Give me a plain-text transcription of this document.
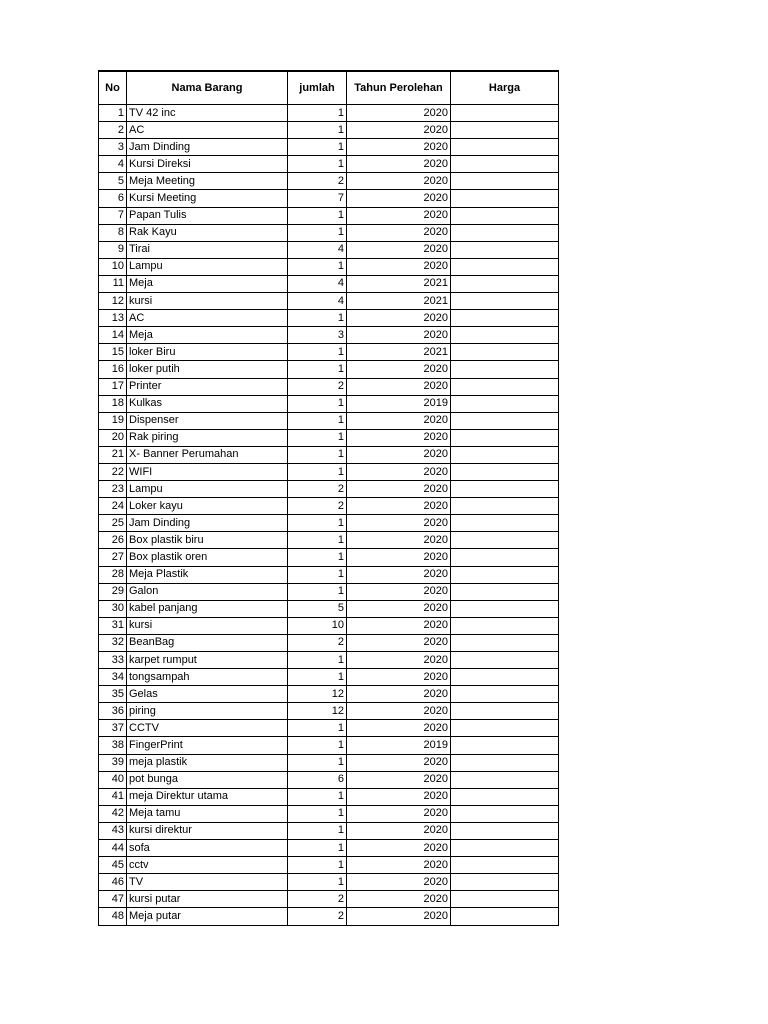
No	Nama Barang	jumlah	Tahun Perolehan	Harga
1	TV 42 inc	1	2020	
2	AC	1	2020	
3	Jam Dinding	1	2020	
4	Kursi Direksi	1	2020	
5	Meja Meeting	2	2020	
6	Kursi Meeting	7	2020	
7	Papan Tulis	1	2020	
8	Rak Kayu	1	2020	
9	Tirai	4	2020	
10	Lampu	1	2020	
11	Meja	4	2021	
12	kursi	4	2021	
13	AC	1	2020	
14	Meja	3	2020	
15	loker Biru	1	2021	
16	loker putih	1	2020	
17	Printer	2	2020	
18	Kulkas	1	2019	
19	Dispenser	1	2020	
20	Rak piring	1	2020	
21	X- Banner Perumahan	1	2020	
22	WIFI	1	2020	
23	Lampu	2	2020	
24	Loker kayu	2	2020	
25	Jam Dinding	1	2020	
26	Box plastik biru	1	2020	
27	Box plastik oren	1	2020	
28	Meja Plastik	1	2020	
29	Galon	1	2020	
30	kabel panjang	5	2020	
31	kursi	10	2020	
32	BeanBag	2	2020	
33	karpet rumput	1	2020	
34	tongsampah	1	2020	
35	Gelas	12	2020	
36	piring	12	2020	
37	CCTV	1	2020	
38	FingerPrint	1	2019	
39	meja plastik	1	2020	
40	pot bunga	6	2020	
41	meja Direktur utama	1	2020	
42	Meja tamu	1	2020	
43	kursi direktur	1	2020	
44	sofa	1	2020	
45	cctv	1	2020	
46	TV	1	2020	
47	kursi putar	2	2020	
48	Meja putar	2	2020	
